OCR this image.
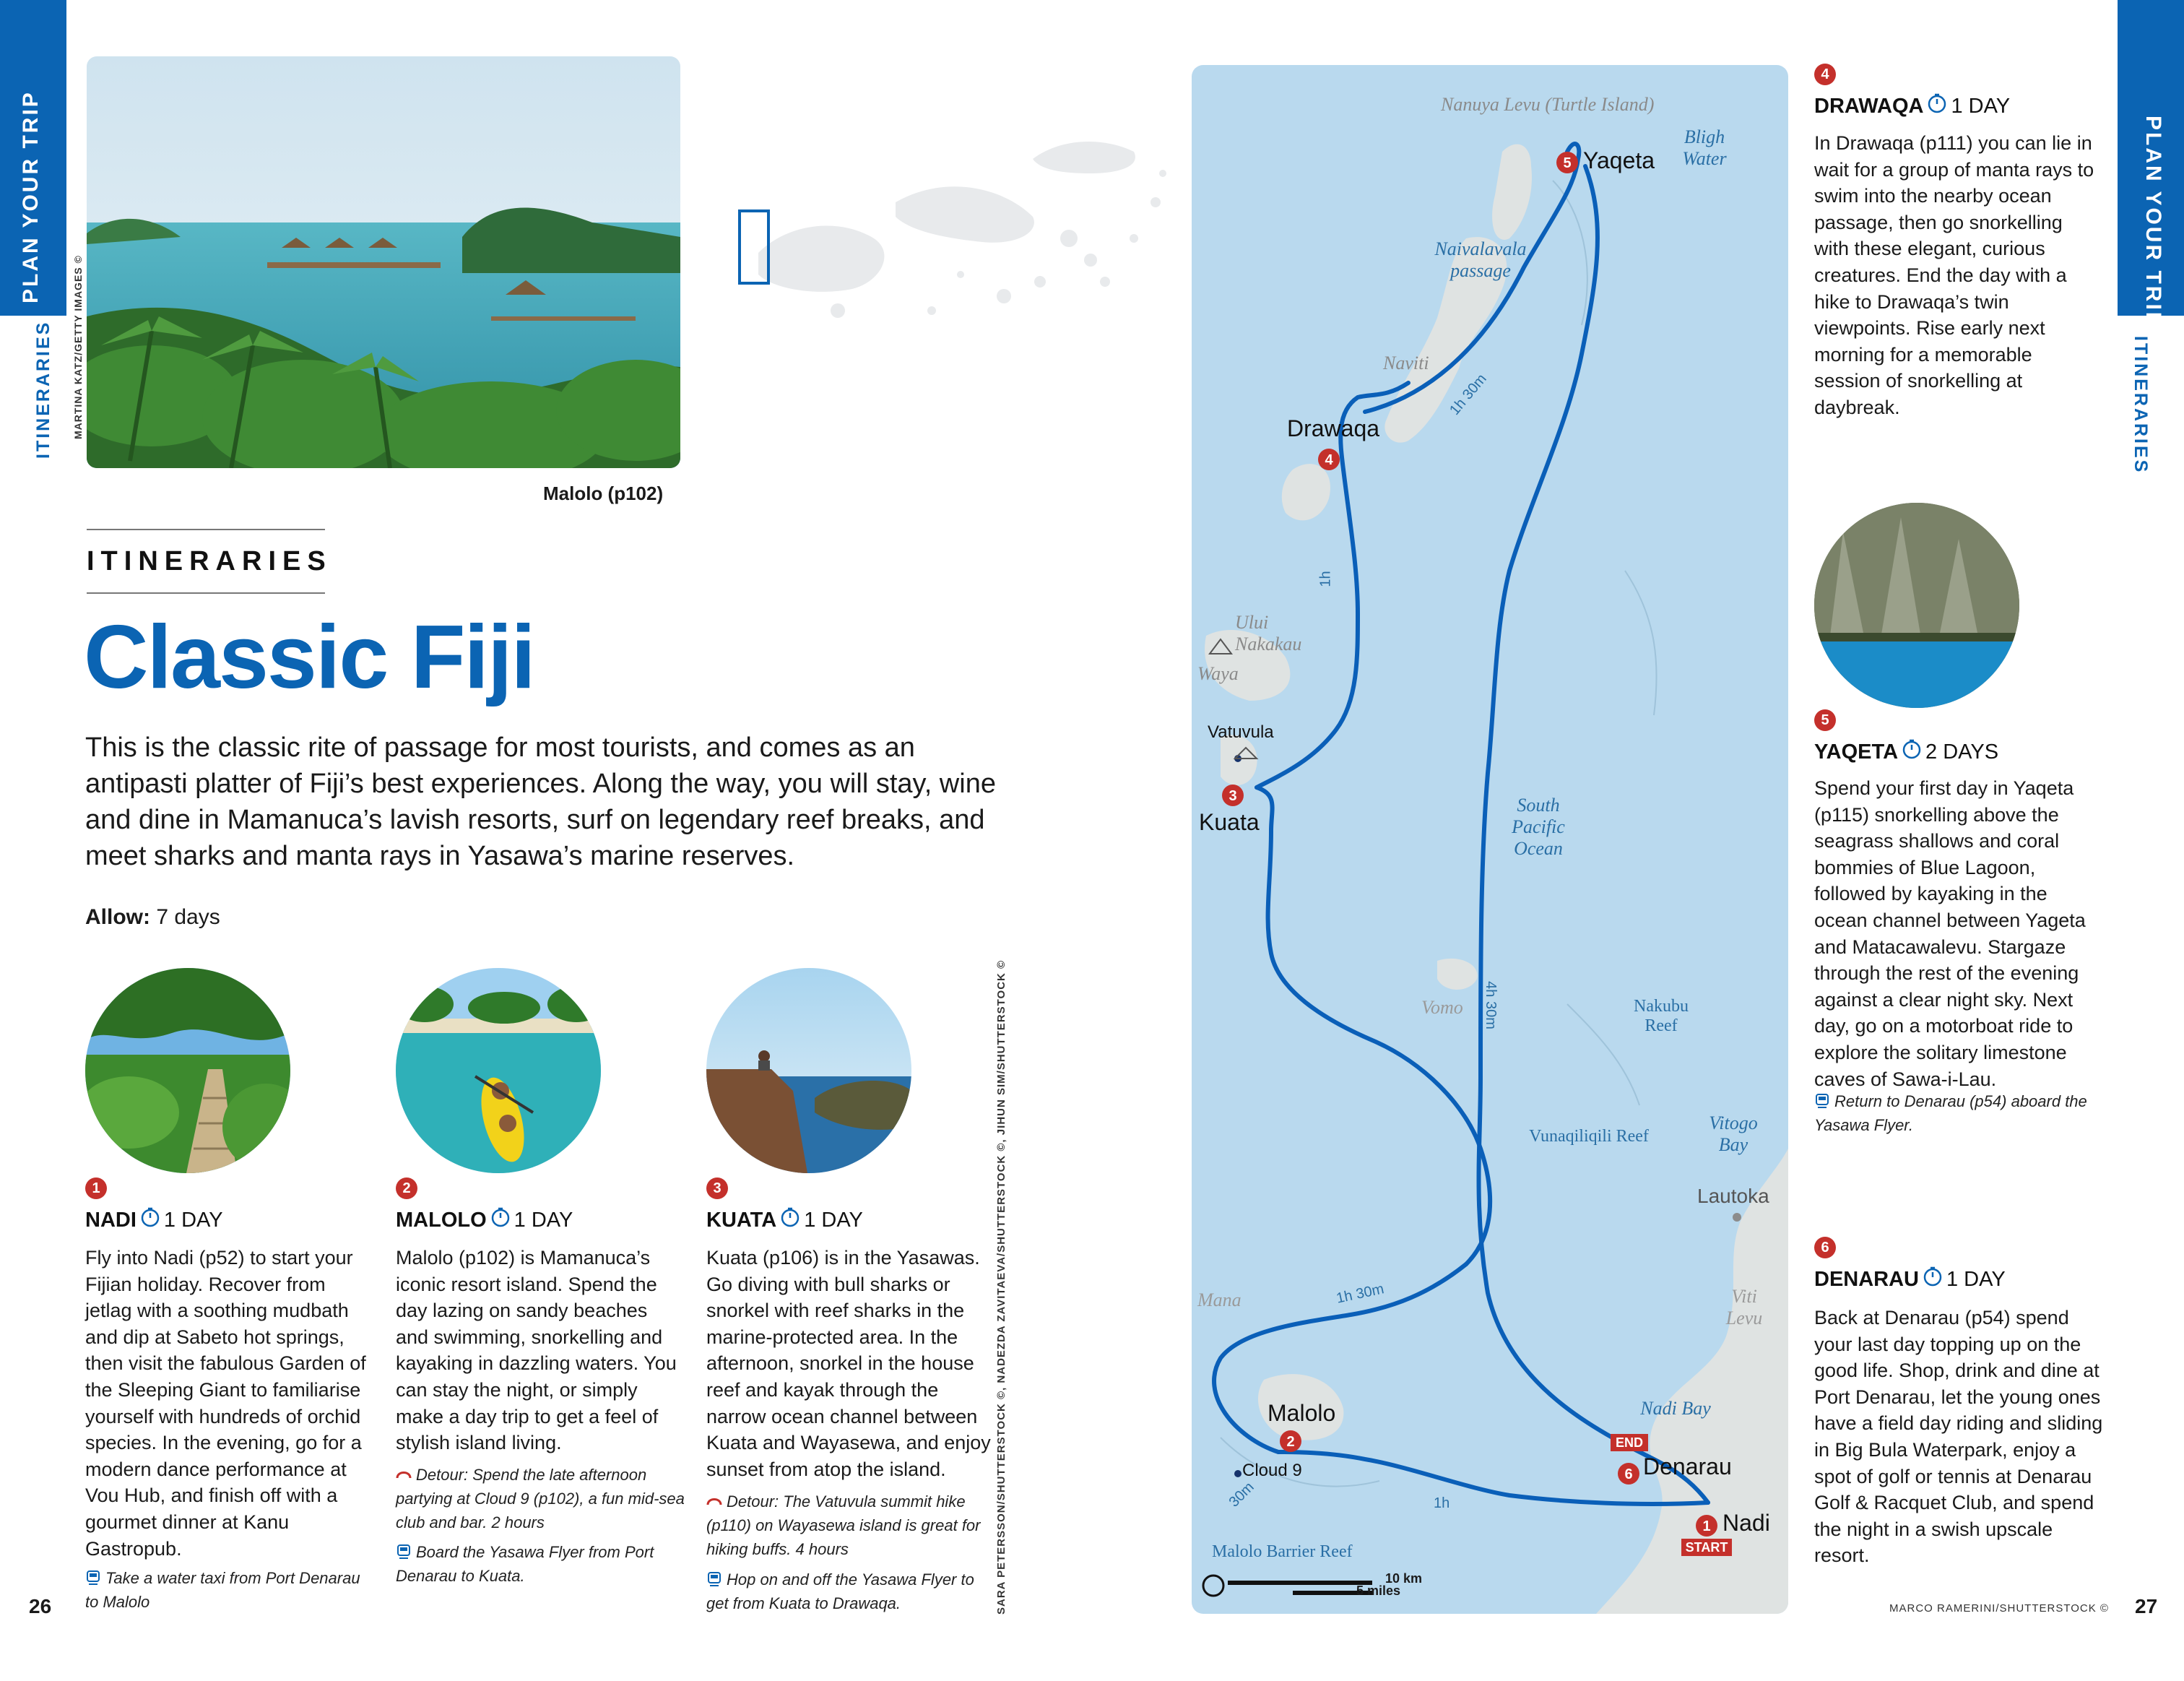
PLAN YOUR TRIP
ITINERARIES
PLAN YOUR TRIP
ITINERARIES
MARTINA KATZ/GETTY IMAGES ©
Malolo (p102)
ITINERARIES
Classic Fiji
This is the classic rite of passage for most tourists, and comes as an antipasti platter of Fiji’s best experiences. Along the way, you will stay, wine and dine in Mamanuca’s lavish resorts, surf on legendary reef breaks, and meet sharks and manta rays in Yasawa’s marine reserves.
Allow: 7 days
1
NADI 1 DAY
Fly into Nadi (p52) to start your Fijian holiday. Recover from jetlag with a soothing mudbath and dip at Sabeto hot springs, then visit the fabulous Garden of the Sleeping Giant to familiarise yourself with hundreds of orchid species. In the evening, go for a modern dance performance at Vou Hub, and finish off with a gourmet dinner at Kanu Gastropub.
Take a water taxi from Port Denarau to Malolo
2
MALOLO 1 DAY
Malolo (p102) is Mamanuca’s iconic resort island. Spend the day lazing on sandy beaches and swimming, snorkelling and kayaking in dazzling waters. You can stay the night, or simply make a day trip to get a feel of stylish island living.
Detour: Spend the late afternoon partying at Cloud 9 (p102), a fun mid-sea club and bar. 2 hours
Board the Yasawa Flyer from Port Denarau to Kuata.
3
KUATA 1 DAY
Kuata (p106) is in the Yasawas. Go diving with bull sharks or snorkel with reef sharks in the marine-protected area. In the afternoon, snorkel in the house reef and kayak through the narrow ocean channel between Kuata and Wayasewa, and enjoy sunset from atop the island.
Detour: The Vatuvula summit hike (p110) on Wayasewa island is great for hiking buffs. 4 hours
Hop on and off the Yasawa Flyer to get from Kuata to Drawaqa.	SARA PETERSSON/SHUTTERSTOCK ©, NADEZDA ZAVITAEVA/SHUTTERSTOCK ©, JIHUN SIM/SHUTTERSTOCK ©	END
START
5
4
3
2
6
1
Nanuya Levu (Turtle Island)
Bligh Water
Naivalavala passage
Naviti
Ului Nakakau
Waya
Vatuvula
South Pacific Ocean
Vomo	Nakubu Reef
Vunaqiliqili Reef
Vitogo Bay
Lautoka
Mana	Viti Levu
Nadi Bay
Cloud 9
Malolo Barrier Reef
10 km
5 miles
Yaqeta
Drawaqa
Kuata
Malolo
Denarau
Nadi
1h 30m
1h
4h 30m
1h 30m
30m	1h
4
DRAWAQA 1 DAY
In Drawaqa (p111) you can lie in wait for a group of manta rays to swim into the nearby ocean passage, then go snorkelling with these elegant, curious creatures. End the day with a hike to Drawaqa’s twin viewpoints. Rise early next morning for a memorable session of snorkelling at daybreak.
5
YAQETA 2 DAYS
Spend your first day in Yaqeta (p115) snorkelling above the seagrass shallows and coral bommies of Blue Lagoon, followed by kayaking in the ocean channel between Yageta and Matacawalevu. Stargaze through the rest of the evening against a clear night sky. Next day, go on a motorboat ride to explore the solitary limestone caves of Sawa-i-Lau.
Return to Denarau (p54) aboard the Yasawa Flyer.
6
DENARAU 1 DAY
Back at Denarau (p54) spend your last day topping up on the good life. Shop, drink and dine at Port Denarau, let the young ones have a field day riding and sliding in Big Bula Waterpark, enjoy a spot of golf or tennis at Denarau Golf & Racquet Club, and spend the night in a swish upscale resort.
MARCO RAMERINI/SHUTTERSTOCK ©
26	27
